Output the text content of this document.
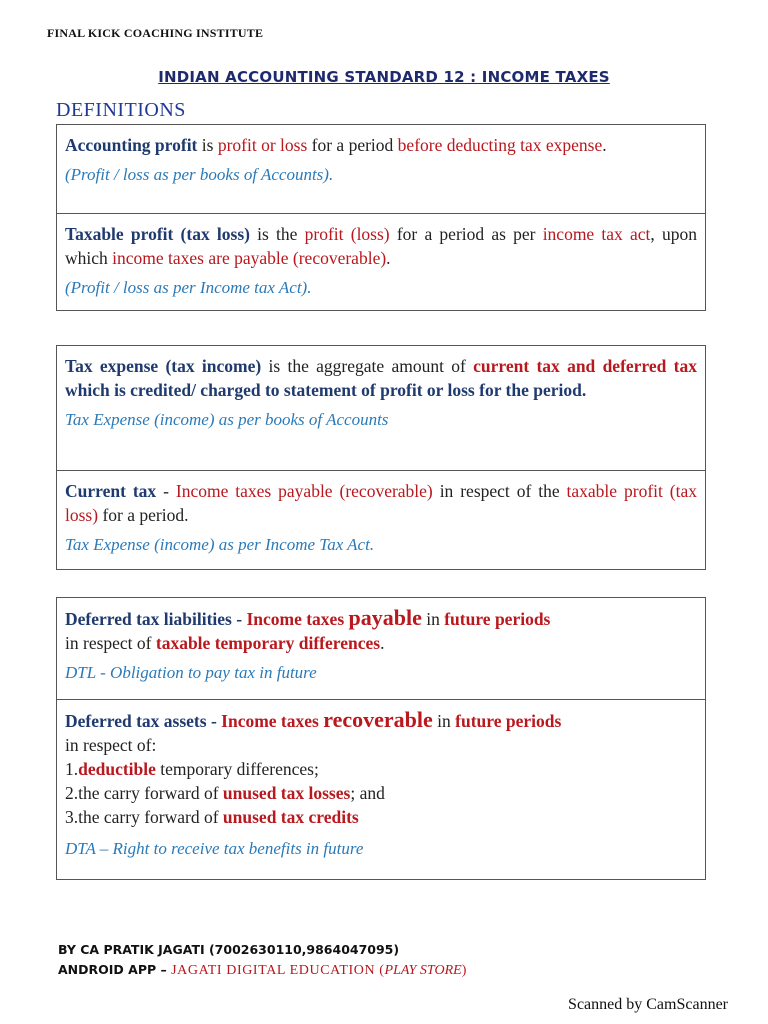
FINAL KICK COACHING INSTITUTE
INDIAN ACCOUNTING STANDARD 12 : INCOME TAXES
DEFINITIONS
Accounting profit is profit or loss for a period before deducting tax expense.
(Profit / loss as per books of Accounts).
Taxable profit (tax loss) is the profit (loss) for a period as per income tax act, upon which income taxes are payable (recoverable).
(Profit / loss as per Income tax Act).
Tax expense (tax income) is the aggregate amount of current tax and deferred tax which is credited/ charged to statement of profit or loss for the period.
Tax Expense (income) as per books of Accounts
Current tax - Income taxes payable (recoverable) in respect of the taxable profit (tax loss) for a period.
Tax Expense (income) as per Income Tax Act.
Deferred tax liabilities - Income taxes payable in future periods
in respect of taxable temporary differences.
DTL - Obligation to pay tax in future
Deferred tax assets - Income taxes recoverable in future periods
in respect of:
1.deductible temporary differences;
2.the carry forward of unused tax losses; and
3.the carry forward of unused tax credits
DTA – Right to receive tax benefits in future
BY CA PRATIK JAGATI (7002630110,9864047095)
ANDROID APP – JAGATI DIGITAL EDUCATION (PLAY STORE)
Scanned by CamScanner
